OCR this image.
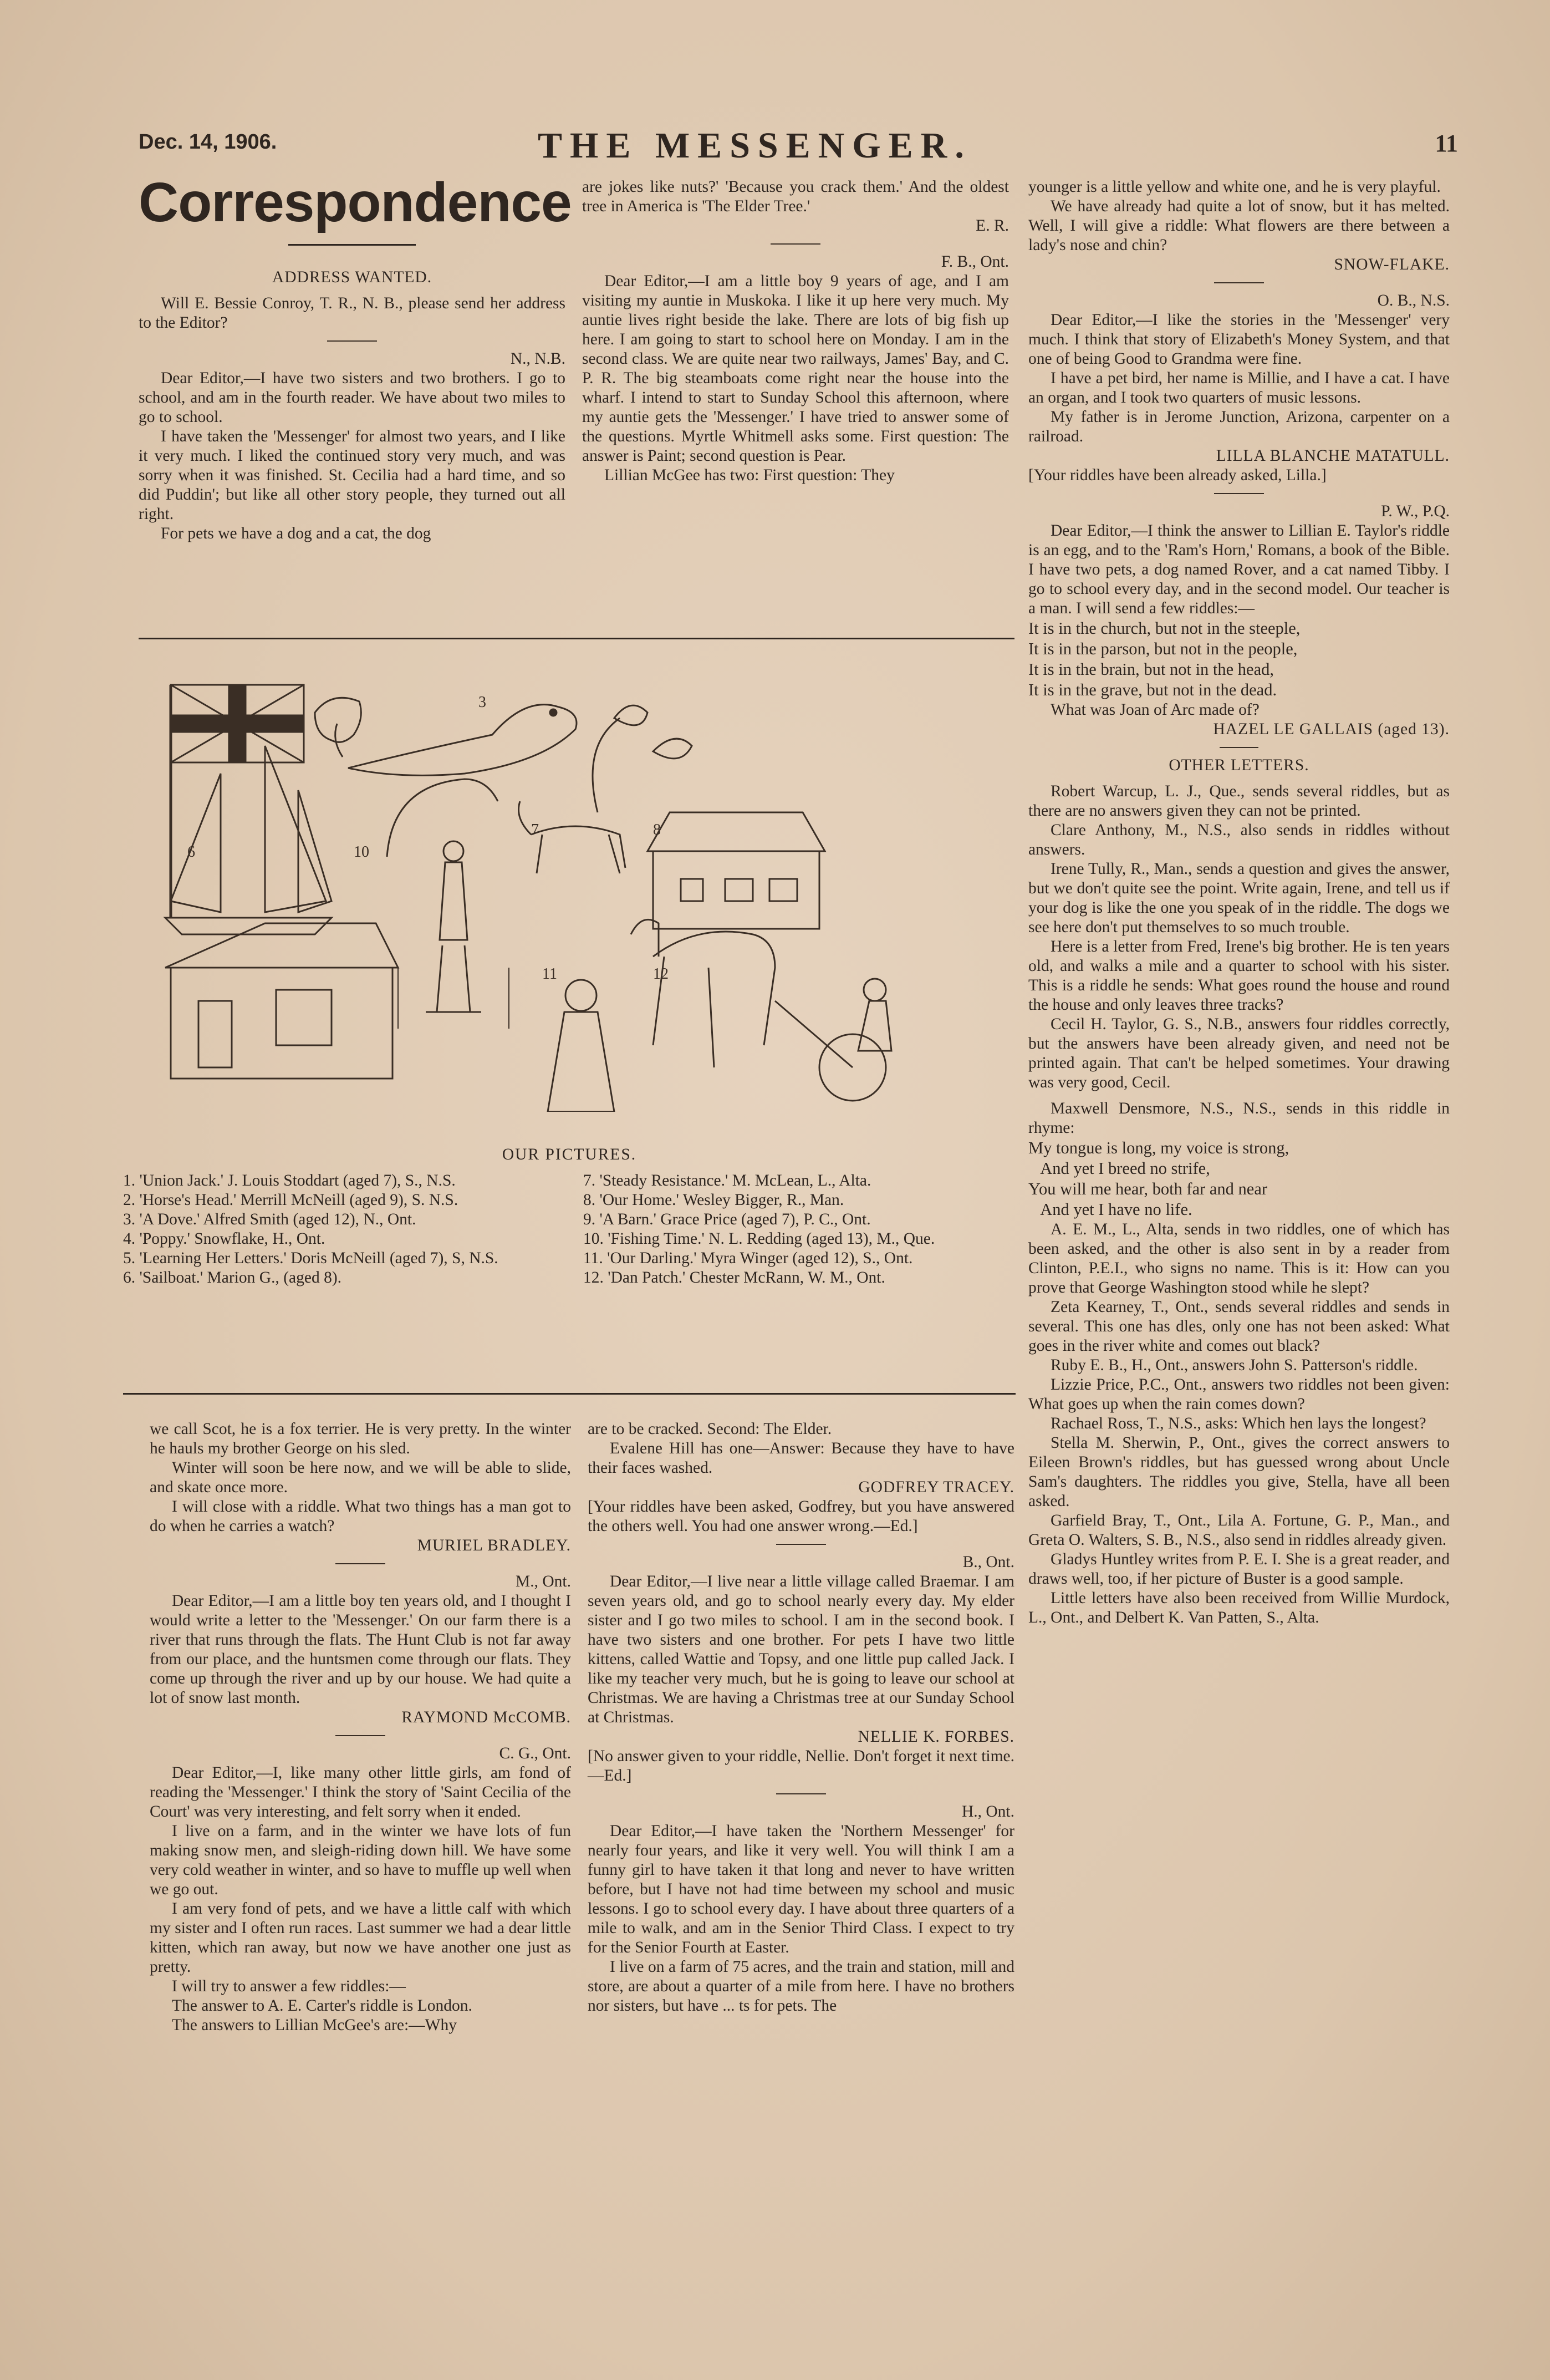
Dec. 14, 1906.	THE MESSENGER.	11
Correspondence

ADDRESS WANTED.

Will E. Bessie Conroy, T. R., N. B., please send her address to the Editor?

N., N.B.

Dear Editor,—I have two sisters and two brothers. I go to school, and am in the fourth reader. We have about two miles to go to school.

I have taken the 'Messenger' for almost two years, and I like it very much. I liked the continued story very much, and was sorry when it was finished. St. Cecilia had a hard time, and so did Puddin'; but like all other story people, they turned out all right.

For pets we have a dog and a cat, the dog

are jokes like nuts?' 'Because you crack them.' And the oldest tree in America is 'The Elder Tree.'

E. R.

F. B., Ont.

Dear Editor,—I am a little boy 9 years of age, and I am visiting my auntie in Muskoka. I like it up here very much. My auntie lives right beside the lake. There are lots of big fish up here. I am going to start to school here on Monday. I am in the second class. We are quite near two railways, James' Bay, and C. P. R. The big steamboats come right near the house into the wharf. I intend to start to Sunday School this afternoon, where my auntie gets the 'Messenger.' I have tried to answer some of the questions. Myrtle Whitmell asks some. First question: The answer is Paint; second question is Pear.

Lillian McGee has two: First question: They

younger is a little yellow and white one, and he is very playful.

We have already had quite a lot of snow, but it has melted. Well, I will give a riddle: What flowers are there between a lady's nose and chin?

SNOW-FLAKE.

O. B., N.S.

Dear Editor,—I like the stories in the 'Messenger' very much. I think that story of Elizabeth's Money System, and that one of being Good to Grandma were fine.

I have a pet bird, her name is Millie, and I have a cat. I have an organ, and I took two quarters of music lessons.

My father is in Jerome Junction, Arizona, carpenter on a railroad.

LILLA BLANCHE MATATULL.

[Your riddles have been already asked, Lilla.]

P. W., P.Q.

Dear Editor,—I think the answer to Lillian E. Taylor's riddle is an egg, and to the 'Ram's Horn,' Romans, a book of the Bible. I have two pets, a dog named Rover, and a cat named Tibby. I go to school every day, and in the second model. Our teacher is a man. I will send a few riddles:—

It is in the church, but not in the steeple,
It is in the parson, but not in the people,
It is in the brain, but not in the head,
It is in the grave, but not in the dead.

What was Joan of Arc made of?

HAZEL LE GALLAIS (aged 13).

OTHER LETTERS.

Robert Warcup, L. J., Que., sends several riddles, but as there are no answers given they can not be printed.

Clare Anthony, M., N.S., also sends in riddles without answers.

Irene Tully, R., Man., sends a question and gives the answer, but we don't quite see the point. Write again, Irene, and tell us if your dog is like the one you speak of in the riddle. The dogs we see here don't put themselves to so much trouble.

Here is a letter from Fred, Irene's big brother. He is ten years old, and walks a mile and a quarter to school with his sister. This is a riddle he sends: What goes round the house and round the house and only leaves three tracks?

Cecil H. Taylor, G. S., N.B., answers four riddles correctly, but the answers have been already given, and need not be printed again. That can't be helped sometimes. Your drawing was very good, Cecil.

Maxwell Densmore, N.S., N.S., sends in this riddle in rhyme:

My tongue is long, my voice is strong,
And yet I breed no strife,
You will me hear, both far and near
And yet I have no life.

A. E. M., L., Alta, sends in two riddles, one of which has been asked, and the other is also sent in by a reader from Clinton, P.E.I., who signs no name. This is it: How can you prove that George Washington stood while he slept?

Zeta Kearney, T., Ont., sends several riddles and sends in several. This one has dles, only one has not been asked: What goes in the river white and comes out black?

Ruby E. B., H., Ont., answers John S. Patterson's riddle.

Lizzie Price, P.C., Ont., answers two riddles not been given: What goes up when the rain comes down?

Rachael Ross, T., N.S., asks: Which hen lays the longest?

Stella M. Sherwin, P., Ont., gives the correct answers to Eileen Brown's riddles, but has guessed wrong about Uncle Sam's daughters. The riddles you give, Stella, have all been asked.

Garfield Bray, T., Ont., Lila A. Fortune, G. P., Man., and Greta O. Walters, S. B., N.S., also send in riddles already given.

Gladys Huntley writes from P. E. I. She is a great reader, and draws well, too, if her picture of Buster is a good sample.

Little letters have also been received from Willie Murdock, L., Ont., and Delbert K. Van Patten, S., Alta.

3
6	10
7	8
11	12
OUR PICTURES.
1. 'Union Jack.' J. Louis Stoddart (aged 7), S., N.S.
2. 'Horse's Head.' Merrill McNeill (aged 9), S. N.S.
3. 'A Dove.' Alfred Smith (aged 12), N., Ont.
4. 'Poppy.' Snowflake, H., Ont.
5. 'Learning Her Letters.' Doris McNeill (aged 7), S, N.S.
6. 'Sailboat.' Marion G., (aged 8).
7. 'Steady Resistance.' M. McLean, L., Alta.
8. 'Our Home.' Wesley Bigger, R., Man.
9. 'A Barn.' Grace Price (aged 7), P. C., Ont.
10. 'Fishing Time.' N. L. Redding (aged 13), M., Que.
11. 'Our Darling.' Myra Winger (aged 12), S., Ont.
12. 'Dan Patch.' Chester McRann, W. M., Ont.

we call Scot, he is a fox terrier. He is very pretty. In the winter he hauls my brother George on his sled.

Winter will soon be here now, and we will be able to slide, and skate once more.

I will close with a riddle. What two things has a man got to do when he carries a watch?

MURIEL BRADLEY.

M., Ont.

Dear Editor,—I am a little boy ten years old, and I thought I would write a letter to the 'Messenger.' On our farm there is a river that runs through the flats. The Hunt Club is not far away from our place, and the huntsmen come through our flats. They come up through the river and up by our house. We had quite a lot of snow last month.

RAYMOND McCOMB.

C. G., Ont.

Dear Editor,—I, like many other little girls, am fond of reading the 'Messenger.' I think the story of 'Saint Cecilia of the Court' was very interesting, and felt sorry when it ended.

I live on a farm, and in the winter we have lots of fun making snow men, and sleigh-riding down hill. We have some very cold weather in winter, and so have to muffle up well when we go out.

I am very fond of pets, and we have a little calf with which my sister and I often run races. Last summer we had a dear little kitten, which ran away, but now we have another one just as pretty.

I will try to answer a few riddles:—

The answer to A. E. Carter's riddle is London.

The answers to Lillian McGee's are:—Why

are to be cracked. Second: The Elder.

Evalene Hill has one—Answer: Because they have to have their faces washed.

GODFREY TRACEY.

[Your riddles have been asked, Godfrey, but you have answered the others well. You had one answer wrong.—Ed.]

B., Ont.

Dear Editor,—I live near a little village called Braemar. I am seven years old, and go to school nearly every day. My elder sister and I go two miles to school. I am in the second book. I have two sisters and one brother. For pets I have two little kittens, called Wattie and Topsy, and one little pup called Jack. I like my teacher very much, but he is going to leave our school at Christmas. We are having a Christmas tree at our Sunday School at Christmas.

NELLIE K. FORBES.

[No answer given to your riddle, Nellie. Don't forget it next time.—Ed.]

H., Ont.

Dear Editor,—I have taken the 'Northern Messenger' for nearly four years, and like it very well. You will think I am a funny girl to have taken it that long and never to have written before, but I have not had time between my school and music lessons. I go to school every day. I have about three quarters of a mile to walk, and am in the Senior Third Class. I expect to try for the Senior Fourth at Easter.

I live on a farm of 75 acres, and the train and station, mill and store, are about a quarter of a mile from here. I have no brothers nor sisters, but have ... ts for pets. The
